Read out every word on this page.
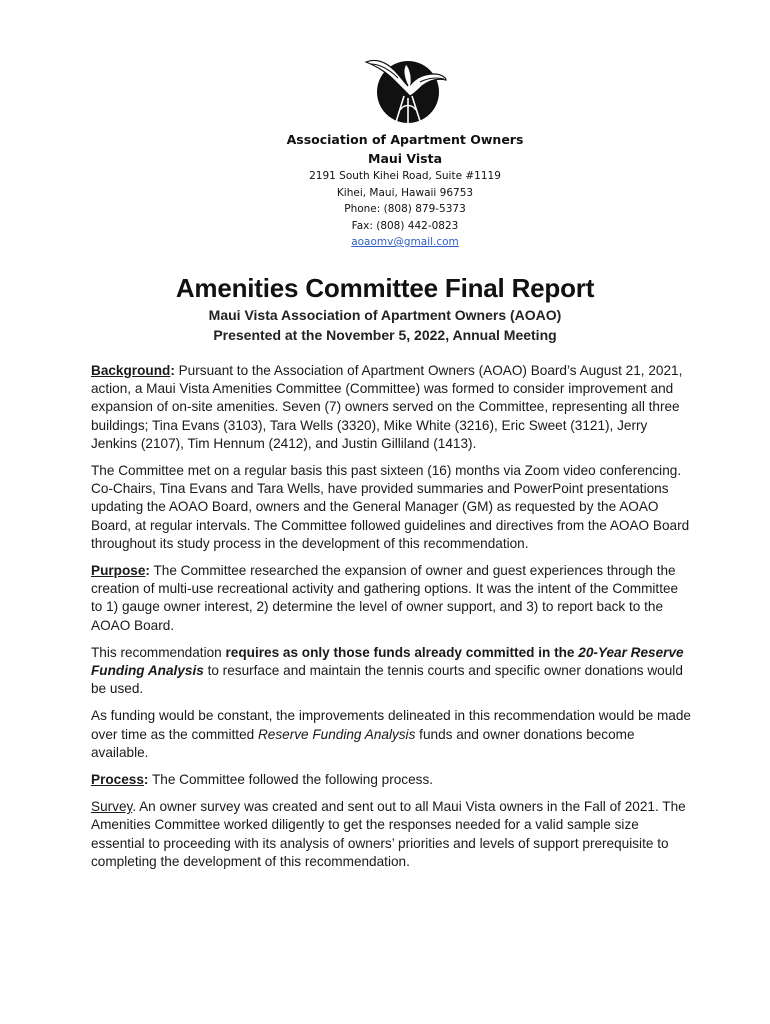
Association of Apartment Owners
Maui Vista
2191 South Kihei Road, Suite #1119
Kihei, Maui, Hawaii 96753
Phone: (808) 879-5373
Fax: (808) 442-0823
aoaomv@gmail.com
Amenities Committee Final Report
Maui Vista Association of Apartment Owners (AOAO)
Presented at the November 5, 2022, Annual Meeting

Background: Pursuant to the Association of Apartment Owners (AOAO) Board’s August 21, 2021, action, a Maui Vista Amenities Committee (Committee) was formed to consider improvement and expansion of on-site amenities. Seven (7) owners served on the Committee, representing all three buildings; Tina Evans (3103), Tara Wells (3320), Mike White (3216), Eric Sweet (3121), Jerry Jenkins (2107), Tim Hennum (2412), and Justin Gilliland (1413).

The Committee met on a regular basis this past sixteen (16) months via Zoom video conferencing. Co-Chairs, Tina Evans and Tara Wells, have provided summaries and PowerPoint presentations updating the AOAO Board, owners and the General Manager (GM) as requested by the AOAO Board, at regular intervals. The Committee followed guidelines and directives from the AOAO Board throughout its study process in the development of this recommendation.

Purpose: The Committee researched the expansion of owner and guest experiences through the creation of multi-use recreational activity and gathering options. It was the intent of the Committee to 1) gauge owner interest, 2) determine the level of owner support, and 3) to report back to the AOAO Board.

This recommendation requires as only those funds already committed in the 20-Year Reserve Funding Analysis to resurface and maintain the tennis courts and specific owner donations would be used.

As funding would be constant, the improvements delineated in this recommendation would be made over time as the committed Reserve Funding Analysis funds and owner donations become available.

Process: The Committee followed the following process.

Survey. An owner survey was created and sent out to all Maui Vista owners in the Fall of 2021. The Amenities Committee worked diligently to get the responses needed for a valid sample size essential to proceeding with its analysis of owners’ priorities and levels of support prerequisite to completing the development of this recommendation.
